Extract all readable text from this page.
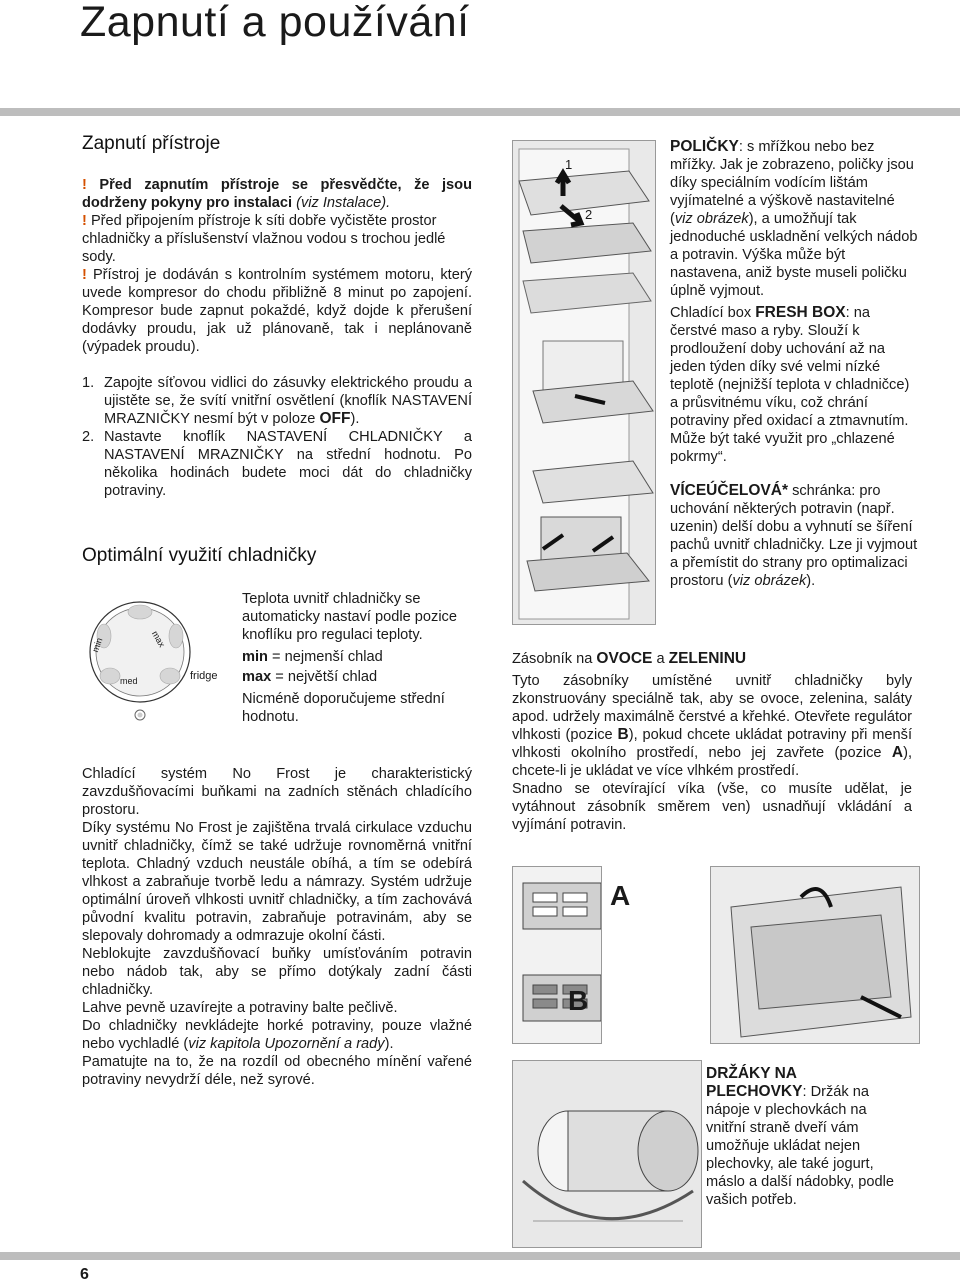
Zapnutí a používání
Zapnutí přístroje

! Před zapnutím přístroje se přesvědčte, že jsou dodrženy pokyny pro instalaci (viz Instalace).

! Před připojením přístroje k síti dobře vyčistěte prostor chladničky a příslušenství vlažnou vodou s trochou jedlé sody.

! Přístroj je dodáván s kontrolním systémem motoru, který uvede kompresor do chodu přibližně 8 minut po zapojení. Kompresor bude zapnut pokaždé, když dojde k přerušení dodávky proudu, jak už plánovaně, tak i neplánovaně (výpadek proudu).

1. Zapojte síťovou vidlici do zásuvky elektrického proudu a ujistěte se, že svítí vnitřní osvětlení (knoflík NASTAVENÍ MRAZNIČKY nesmí být v poloze OFF).
2. Nastavte knoflík NASTAVENÍ CHLADNIČKY a NASTAVENÍ MRAZNIČKY na střední hodnotu. Po několika hodinách budete moci dát do chladničky potraviny.
Optimální využití chladničky
min	max
med	fridge

Teplota uvnitř chladničky se automaticky nastaví podle pozice knoflíku pro regulaci teploty.

min = nejmenší chlad

max = největší chlad

Nicméně doporučujeme střední hodnotu.

Chladící systém No Frost je charakteristický zavzdušňovacími buňkami na zadních stěnách chladícího prostoru.

Díky systému No Frost je zajištěna trvalá cirkulace vzduchu uvnitř chladničky, čímž se také udržuje rovnoměrná vnitřní teplota. Chladný vzduch neustále obíhá, a tím se odebírá vlhkost a zabraňuje tvorbě ledu a námrazy. Systém udržuje optimální úroveň vlhkosti uvnitř chladničky, a tím zachovává původní kvalitu potravin, zabraňuje potravinám, aby se slepovaly dohromady a odmrazuje okolní části.

Neblokujte zavzdušňovací buňky umísťováním potravin nebo nádob tak, aby se přímo dotýkaly zadní části chladničky.

Lahve pevně uzavírejte a potraviny balte pečlivě.

Do chladničky nevkládejte horké potraviny, pouze vlažné nebo vychladlé (viz kapitola Upozornění a rady).

Pamatujte na to, že na rozdíl od obecného mínění vařené potraviny nevydrží déle, než syrové.

1
2

POLIČKY: s mřížkou nebo bez mřížky. Jak je zobrazeno, poličky jsou díky speciálním vodícím lištám vyjímatelné a výškově nastavitelné (viz obrázek), a umožňují tak jednoduché uskladnění velkých nádob a potravin. Výška může být nastavena, aniž byste museli poličku úplně vyjmout.

Chladící box FRESH BOX: na čerstvé maso a ryby. Slouží k prodloužení doby uchování až na jeden týden díky své velmi nízké teplotě (nejnižší teplota v chladničce) a průsvitnému víku, což chrání potraviny před oxidací a ztmavnutím. Může být také využit pro „chlazené pokrmy“.

VÍCEÚČELOVÁ* schránka: pro uchování některých potravin (např. uzenin) delší dobu a vyhnutí se šíření pachů uvnitř chladničky. Lze ji vyjmout a přemístit do strany pro optimalizaci prostoru (viz obrázek).

Zásobník na OVOCE a ZELENINU

Tyto zásobníky umístěné uvnitř chladničky byly zkonstruovány speciálně tak, aby se ovoce, zelenina, saláty apod. udržely maximálně čerstvé a křehké. Otevřete regulátor vlhkosti (pozice B), pokud chcete ukládat potraviny při menší vlhkosti okolního prostředí, nebo jej zavřete (pozice A), chcete-li je ukládat ve více vlhkém prostředí.

Snadno se otevírající víka (vše, co musíte udělat, je vytáhnout zásobník směrem ven) usnadňují vkládání a vyjímání potravin.

A
B

DRŽÁKY NA

PLECHOVKY: Držák na nápoje v plechovkách na vnitřní straně dveří vám umožňuje ukládat nejen plechovky, ale také jogurt, máslo a další nádobky, podle vašich potřeb.

6
